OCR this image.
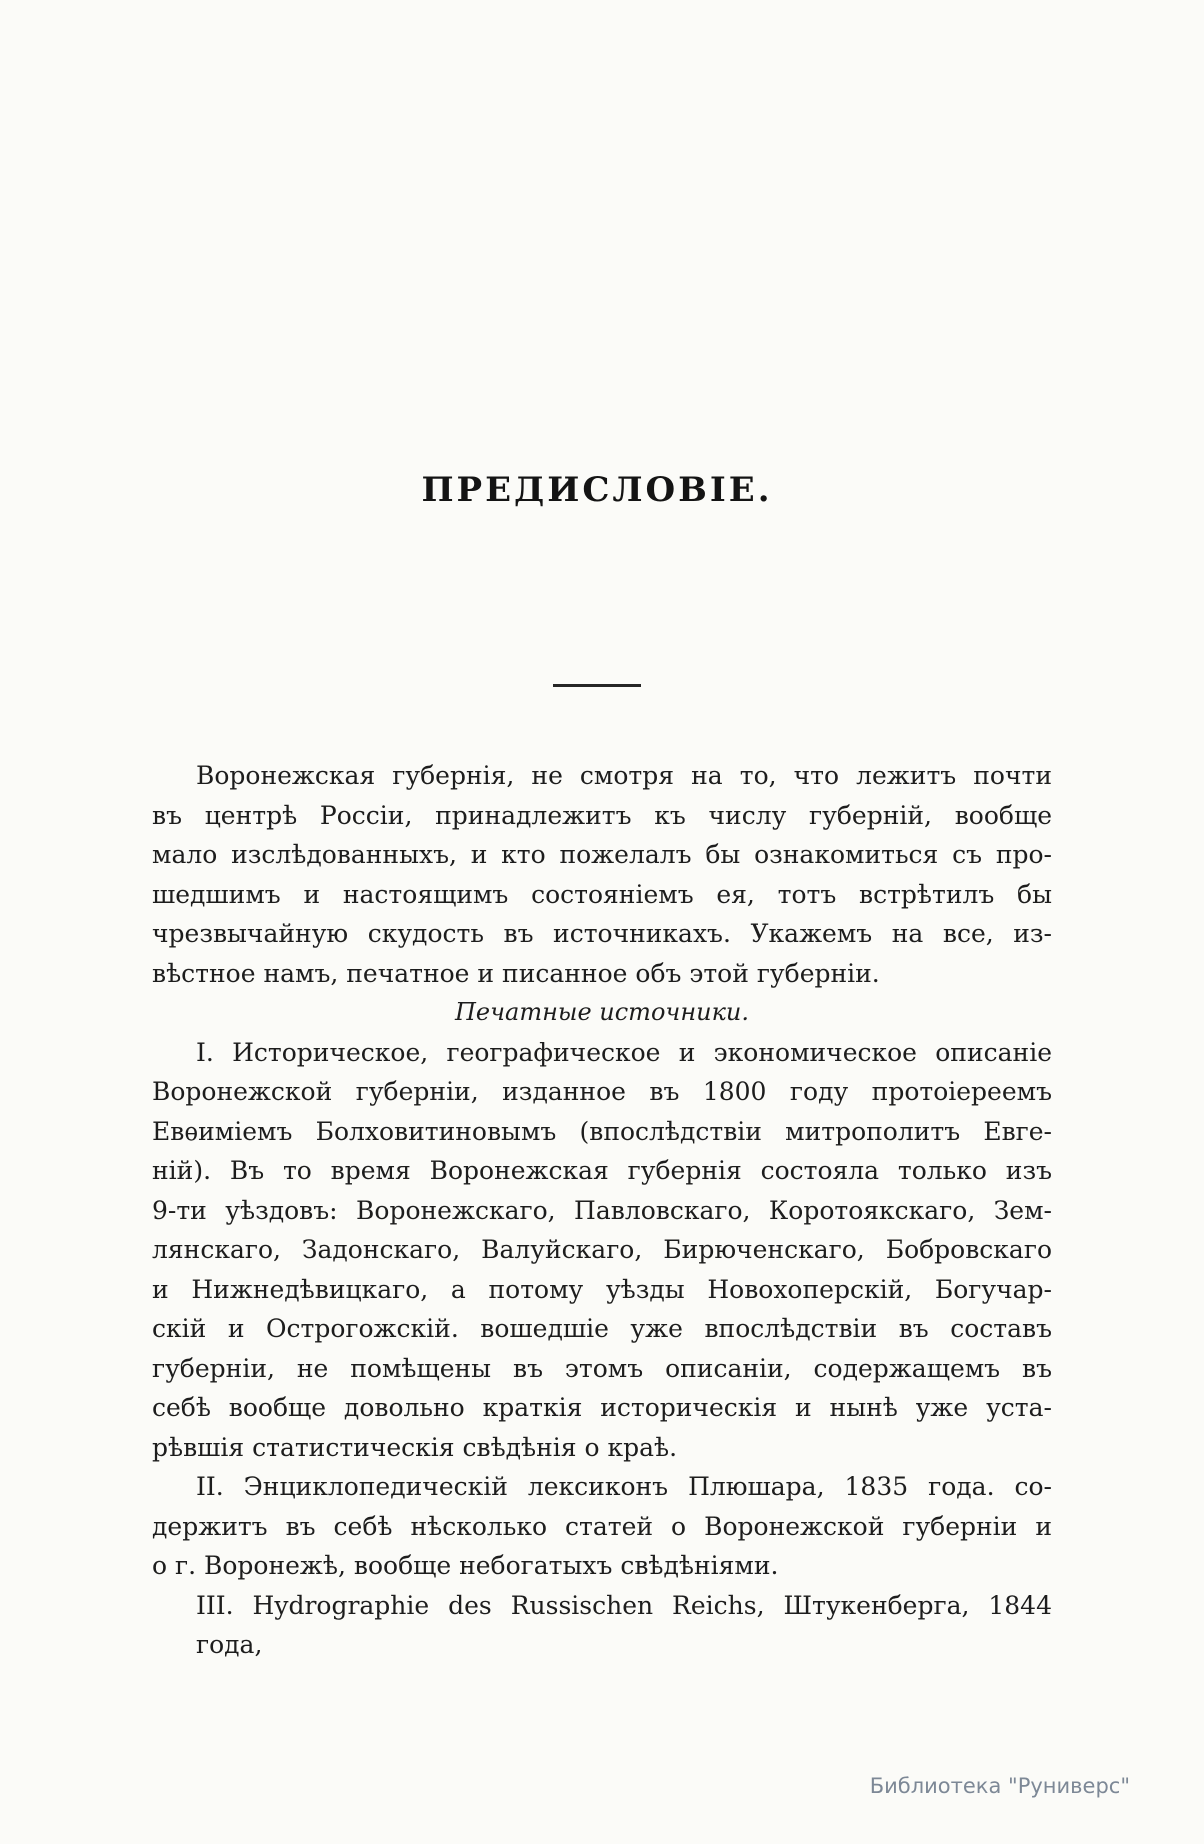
ПРЕДИСЛОВІЕ.

Воронежская губернія, не смотря на то, что лежитъ почти

въ центрѣ Россіи, принадлежитъ къ числу губерній, вообще

мало изслѣдованныхъ, и кто пожелалъ бы ознакомиться съ про-

шедшимъ и настоящимъ состояніемъ ея, тотъ встрѣтилъ бы

чрезвычайную скудость въ источникахъ. Укажемъ на все, из-

вѣстное намъ, печатное и писанное объ этой губерніи.

Печатные источники.

I. Историческое, географическое и экономическое описаніе

Воронежской губерніи, изданное въ 1800 году протоіереемъ

Евѳиміемъ Болховитиновымъ (впослѣдствіи митрополитъ Евге-

ній). Въ то время Воронежская губернія состояла только изъ

9-ти уѣздовъ: Воронежскаго, Павловскаго, Коротоякскаго, Зем-

лянскаго, Задонскаго, Валуйскаго, Бирюченскаго, Бобровскаго

и Нижнедѣвицкаго, а потому уѣзды Новохоперскій, Богучар-

скій и Острогожскій. вошедшіе уже впослѣдствіи въ составъ

губерніи, не помѣщены въ этомъ описаніи, содержащемъ въ

себѣ вообще довольно краткія историческія и нынѣ уже уста-

рѣвшія статистическія свѣдѣнія о краѣ.

II. Энциклопедическій лексиконъ Плюшара, 1835 года. со-

держитъ въ себѣ нѣсколько статей о Воронежской губерніи и

о г. Воронежѣ, вообще небогатыхъ свѣдѣніями.

III. Hydrographie des Russischen Reichs, Штукенберга, 1844 года,

Библиотека "Руниверс"
